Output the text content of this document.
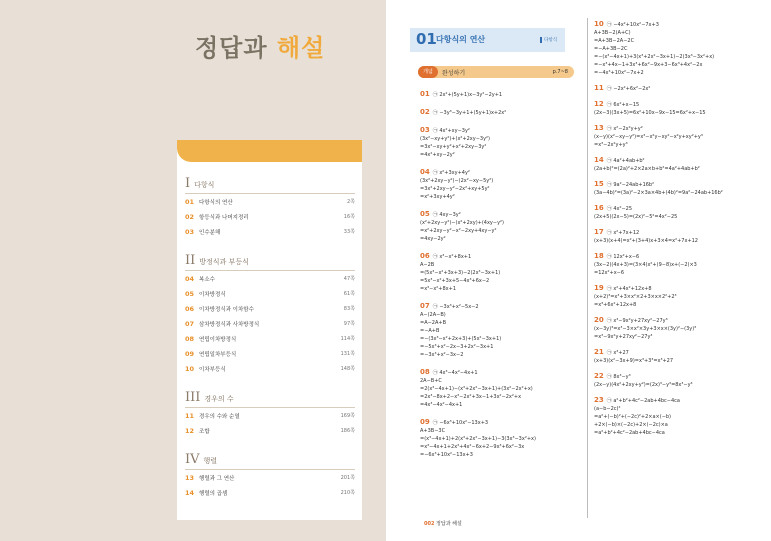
정답과 해설
I다항식
01 다항식의 연산	2쪽
02 항등식과 나머지정리	16쪽
03 인수분해	33쪽
II 방정식과 부등식
04 복소수	47쪽
05 이차방정식	61쪽
06 이차방정식과 이차함수	83쪽
07 삼차방정식과 사차방정식	97쪽
08 연립이차방정식	114쪽
09 연립일차부등식	131쪽
10 이차부등식	148쪽
III 경우의 수
11 경우의 수와 순열	169쪽
12 조합	186쪽
IV 행렬
13 행렬과 그 연산	201쪽
14 행렬의 곱셈	210쪽
01 다항식의 연산	다항식
개념	완성하기	p.7~8
01 ㉠ 2x²+(5y+1)x−3y²−2y+1
02 ㉠ −3y³−3y+1+(5y+1)x+2x²
03 ㉠ 4x²+xy−3y²
(3x²−xy+y²)+(x²+2xy−3y²)
=3x²−xy+y²+x²+2xy−3y²
=4x²+xy−2y²
04 ㉠ x²+3xy+4y²
(3x²+2xy−y²)−(2x²−xy−5y²)
=3x²+2xy−y²−2x²+xy+5y²
=x²+3xy+4y²
05 ㉠ 4xy−3y²
(x²+2xy−y²)−(x²+2xy)+(4xy−y²)
=x²+2xy−y²−x²−2xy+4xy−y²
=4xy−2y²
06 ㉠ x³−x²+8x+1
A−2B
=(5x³−x²+3x+3)−2(2x³−3x+1)
=5x³−x²+3x+5−4x³+6x−2
=x³−x²+8x+1
07 ㉠ −3x³+x²−5x−2
A−(2A−B)
=A−2A+B
=−A+B
=−(3x³−x²+2x+3)+(5x²−3x+1)
=−5x³+x²−2x−3+2x²−3x+1
=−3x³+x²−3x−2
08 ㉠ 4x³−4x²−4x+1
2A−B+C
=2(x³−4x+1)−(x³+2x²−3x+1)+(3x²−2x²+x)
=2x³−8x+2−x³−2x²+3x−1+3x²−2x²+x
=4x³−4x²−4x+1
09 ㉠ −6x³+10x²−13x+3
A+3B−3C
=(x³−4x+1)+2(x³+2x²−3x+1)−3(3x³−3x²+x)
=x³−4x+1+2x³+4x²−6x+2−9x³+6x²−3x
=−6x³+10x²−13x+3
10 ㉠ −4x²+10x²−7x+3
A+3B−2(A+C)
=A+3B−2A−2C
=−A+3B−2C
=−(x³−4x+1)+3(x³+2x²−3x+1)−2(3x³−3x²+x)
=−x³+4x−1+3x³+6x²−9x+3−6x³+4x²−2x
=−4x³+10x²−7x+2
11 ㉠ −2x²+6x²−2x²
12 ㉠ 6x²+x−15
(2x−3)(3x+5)=6x²+10x−9x−15=6x²+x−15
13 ㉠ x²−2x²y+y²
(x−y)(x²−xy−y²)=x³−x²y−xy²−x²y+xy²+y³
=x³−2x²y+y³
14 ㉠ 4a²+4ab+b²
(2a+b)²=(2a)²+2×2a×b+b²=4a²+4ab+b²
15 ㉠ 9a²−24ab+16b²
(3a−4b)²=(3a)²−2×3a×4b+(4b)²=9a²−24ab+16b²
16 ㉠ 4x²−25
(2x+5)(2x−5)=(2x)²−5²=4x²−25
17 ㉠ x²+7x+12
(x+3)(x+4)=x²+(3+4)x+3×4=x²+7x+12
18 ㉠ 12x²+x−6
(3x−2)(4x+3)=(3×4)x²+(9−8)x+(−2)×3
=12x²+x−6
19 ㉠ x²+4x²+12x+8
(x+2)³=x³+3×x²×2+3×x×2²+2³
=x³+6x²+12x+8
20 ㉠ x³−9x²y+27xy²−27y³
(x−3y)³=x³−3×x²×3y+3×x×(3y)²−(3y)³
=x³−9x²y+27xy²−27y³
21 ㉠ x³+27
(x+3)(x²−3x+9)=x³+3³=x³+27
22 ㉠ 8x³−y³
(2x−y)(4x²+2xy+y²)=(2x)³−y³=8x³−y³
23 ㉠ a²+b²+4c²−2ab+4bc−4ca
(a−b−2c)²
=a²+(−b)²+(−2c)²+2×a×(−b)
+2×(−b)×(−2c)+2×(−2c)×a
=a²+b²+4c²−2ab+4bc−4ca
002 정답과 해설
